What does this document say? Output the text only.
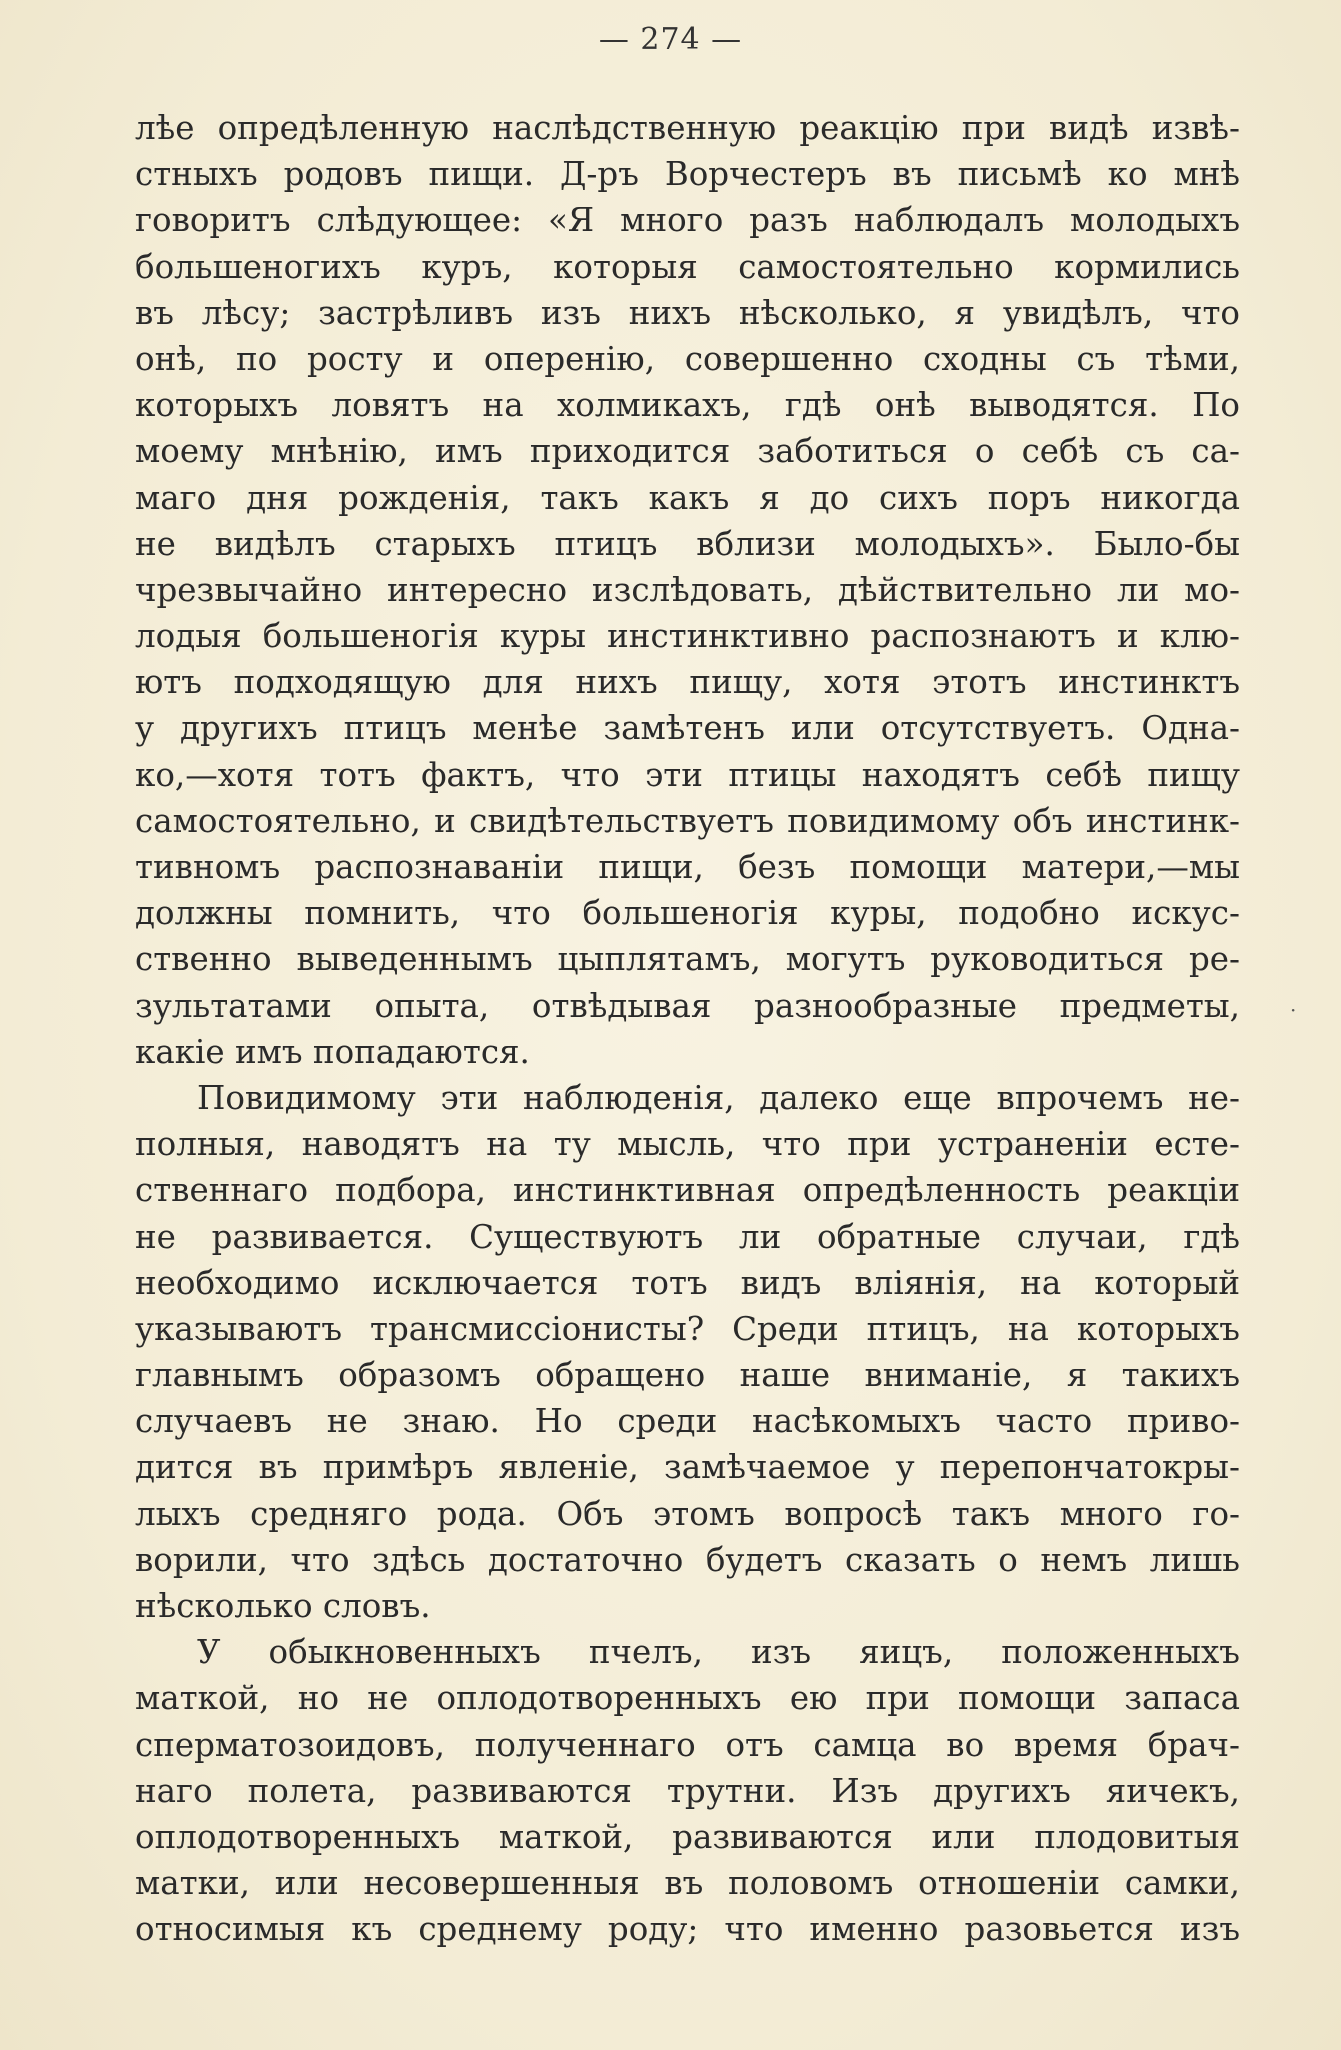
— 274 —
лѣе опредѣленную наслѣдственную реакцію при видѣ извѣ-
стныхъ родовъ пищи. Д-ръ Ворчестеръ въ письмѣ ко мнѣ
говоритъ слѣдующее: «Я много разъ наблюдалъ молодыхъ
большеногихъ куръ, которыя самостоятельно кормились
въ лѣсу; застрѣливъ изъ нихъ нѣсколько, я увидѣлъ, что
онѣ, по росту и оперенію, совершенно сходны съ тѣми,
которыхъ ловятъ на холмикахъ, гдѣ онѣ выводятся. По
моему мнѣнію, имъ приходится заботиться о себѣ съ са-
маго дня рожденія, такъ какъ я до сихъ поръ никогда
не видѣлъ старыхъ птицъ вблизи молодыхъ». Было-бы
чрезвычайно интересно изслѣдовать, дѣйствительно ли мо-
лодыя большеногія куры инстинктивно распознаютъ и клю-
ютъ подходящую для нихъ пищу, хотя этотъ инстинктъ
у другихъ птицъ менѣе замѣтенъ или отсутствуетъ. Одна-
ко,—хотя тотъ фактъ, что эти птицы находятъ себѣ пищу
самостоятельно, и свидѣтельствуетъ повидимому объ инстинк-
тивномъ распознаваніи пищи, безъ помощи матери,—мы
должны помнить, что большеногія куры, подобно искус-
ственно выведеннымъ цыплятамъ, могутъ руководиться ре-
зультатами опыта, отвѣдывая разнообразные предметы,
какіе имъ попадаются.
Повидимому эти наблюденія, далеко еще впрочемъ не-
полныя, наводятъ на ту мысль, что при устраненіи есте-
ственнаго подбора, инстинктивная опредѣленность реакціи
не развивается. Существуютъ ли обратные случаи, гдѣ
необходимо исключается тотъ видъ вліянія, на который
указываютъ трансмиссіонисты? Среди птицъ, на которыхъ
главнымъ образомъ обращено наше вниманіе, я такихъ
случаевъ не знаю. Но среди насѣкомыхъ часто приво-
дится въ примѣръ явленіе, замѣчаемое у перепончатокры-
лыхъ средняго рода. Объ этомъ вопросѣ такъ много го-
ворили, что здѣсь достаточно будетъ сказать о немъ лишь
нѣсколько словъ.
У обыкновенныхъ пчелъ, изъ яицъ, положенныхъ
маткой, но не оплодотворенныхъ ею при помощи запаса
сперматозоидовъ, полученнаго отъ самца во время брач-
наго полета, развиваются трутни. Изъ другихъ яичекъ,
оплодотворенныхъ маткой, развиваются или плодовитыя
матки, или несовершенныя въ половомъ отношеніи самки,
относимыя къ среднему роду; что именно разовьется изъ
·
